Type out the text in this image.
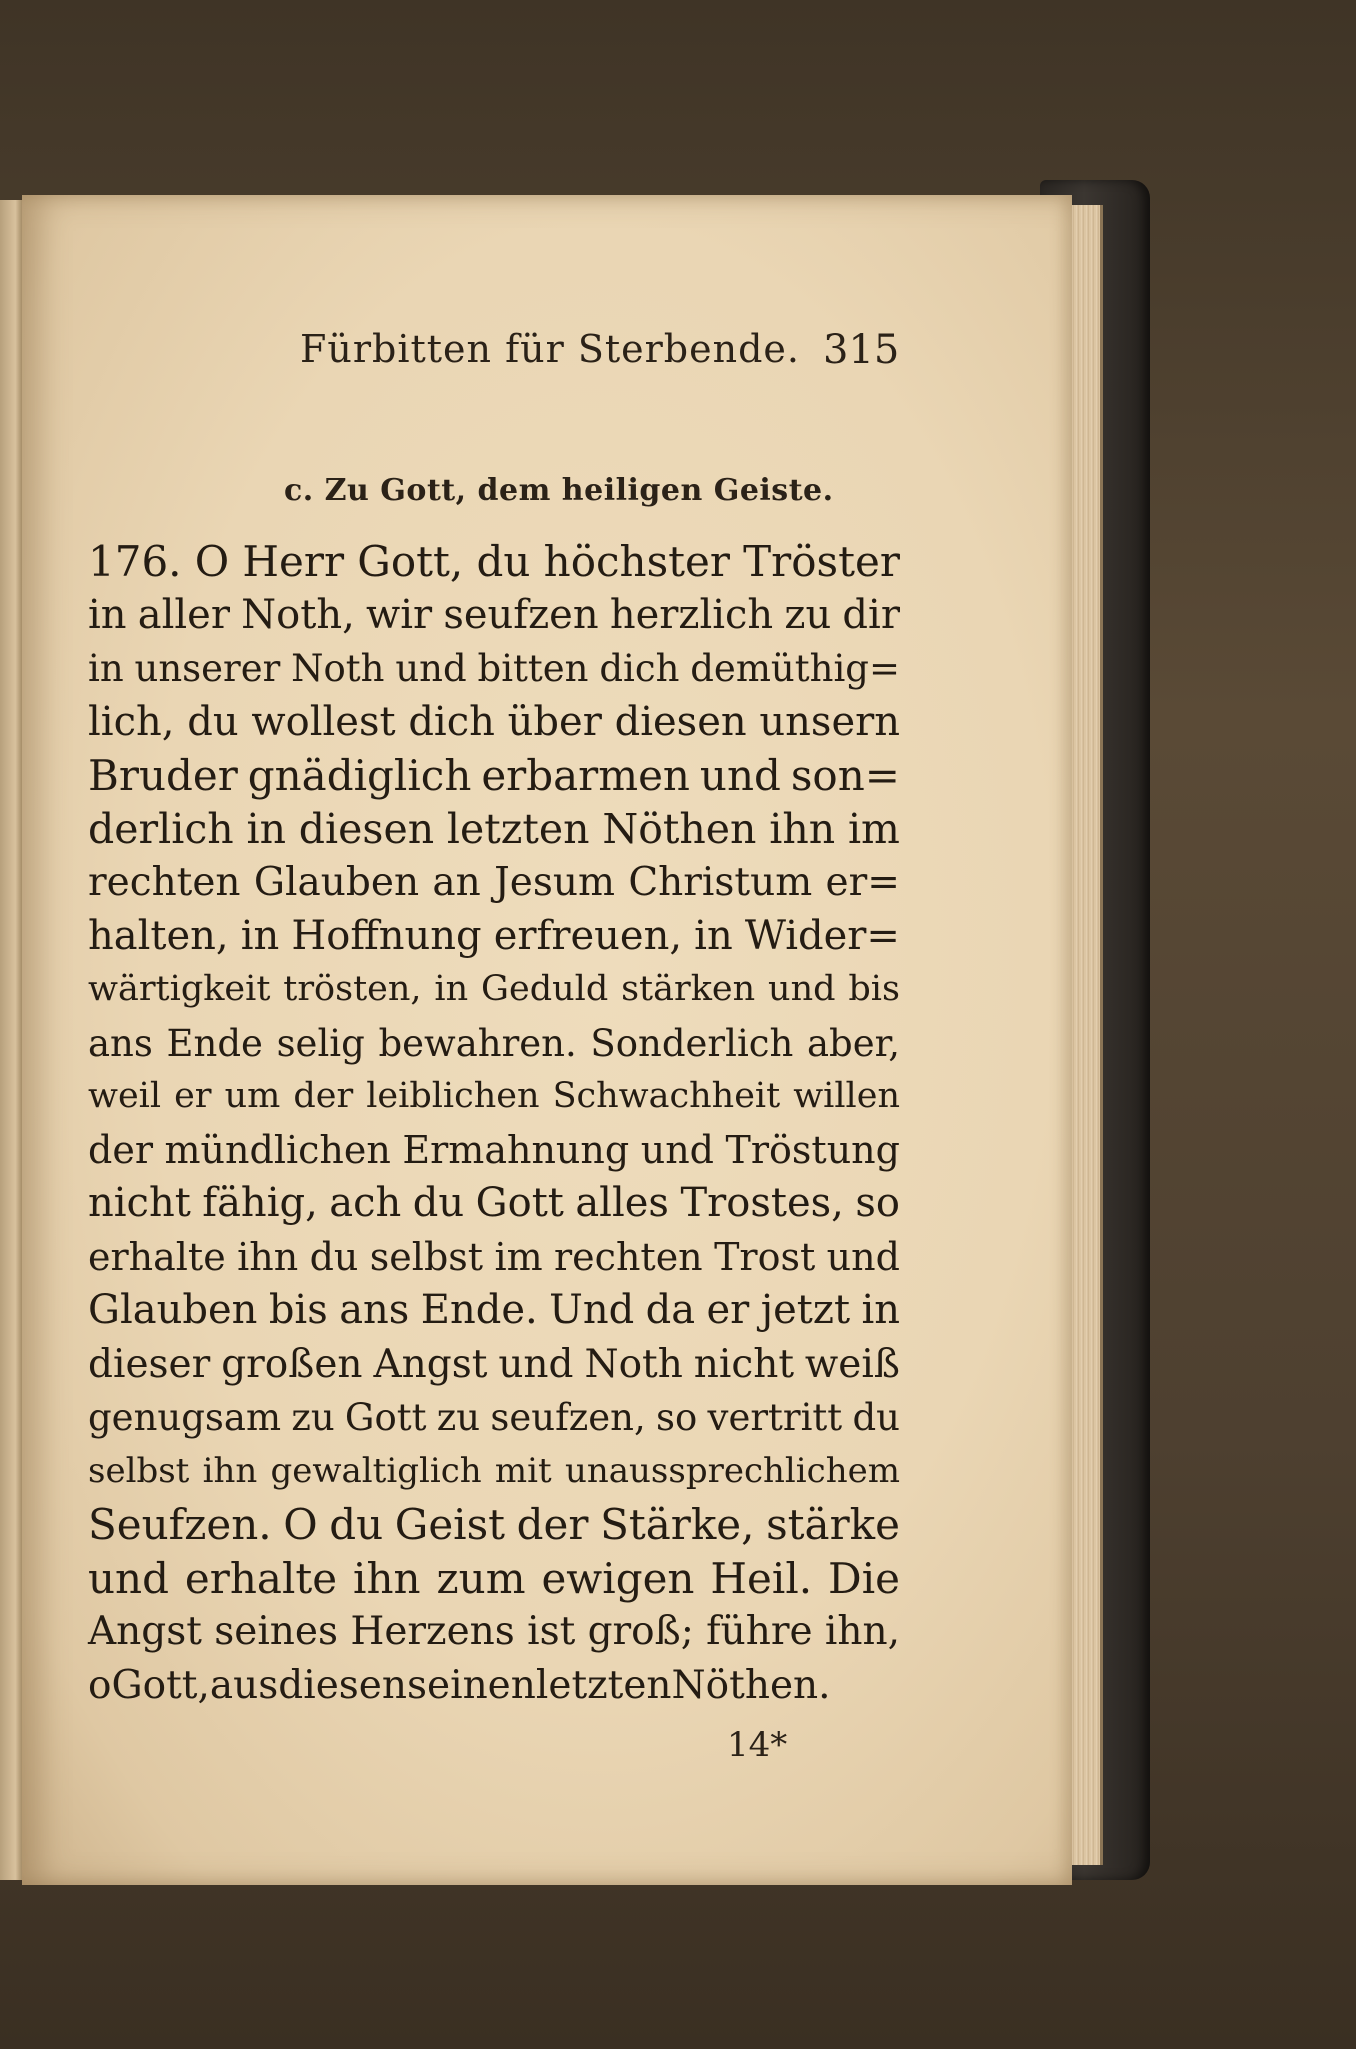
Fürbitten für Sterbende. 315
c. Zu Gott, dem heiligen Geiste.
176. O Herr Gott, du höchster Tröster
in aller Noth, wir seufzen herzlich zu dir
in unserer Noth und bitten dich demüthig=
lich, du wollest dich über diesen unsern
Bruder gnädiglich erbarmen und son=
derlich in diesen letzten Nöthen ihn im
rechten Glauben an Jesum Christum er=
halten, in Hoffnung erfreuen, in Wider=
wärtigkeit trösten, in Geduld stärken und bis
ans Ende selig bewahren. Sonderlich aber,
weil er um der leiblichen Schwachheit willen
der mündlichen Ermahnung und Tröstung
nicht fähig, ach du Gott alles Trostes, so
erhalte ihn du selbst im rechten Trost und
Glauben bis ans Ende. Und da er jetzt in
dieser großen Angst und Noth nicht weiß
genugsam zu Gott zu seufzen, so vertritt du
selbst ihn gewaltiglich mit unaussprechlichem
Seufzen. O du Geist der Stärke, stärke
und erhalte ihn zum ewigen Heil. Die
Angst seines Herzens ist groß; führe ihn,
o Gott, aus diesen seinen letzten Nöthen.
14*
